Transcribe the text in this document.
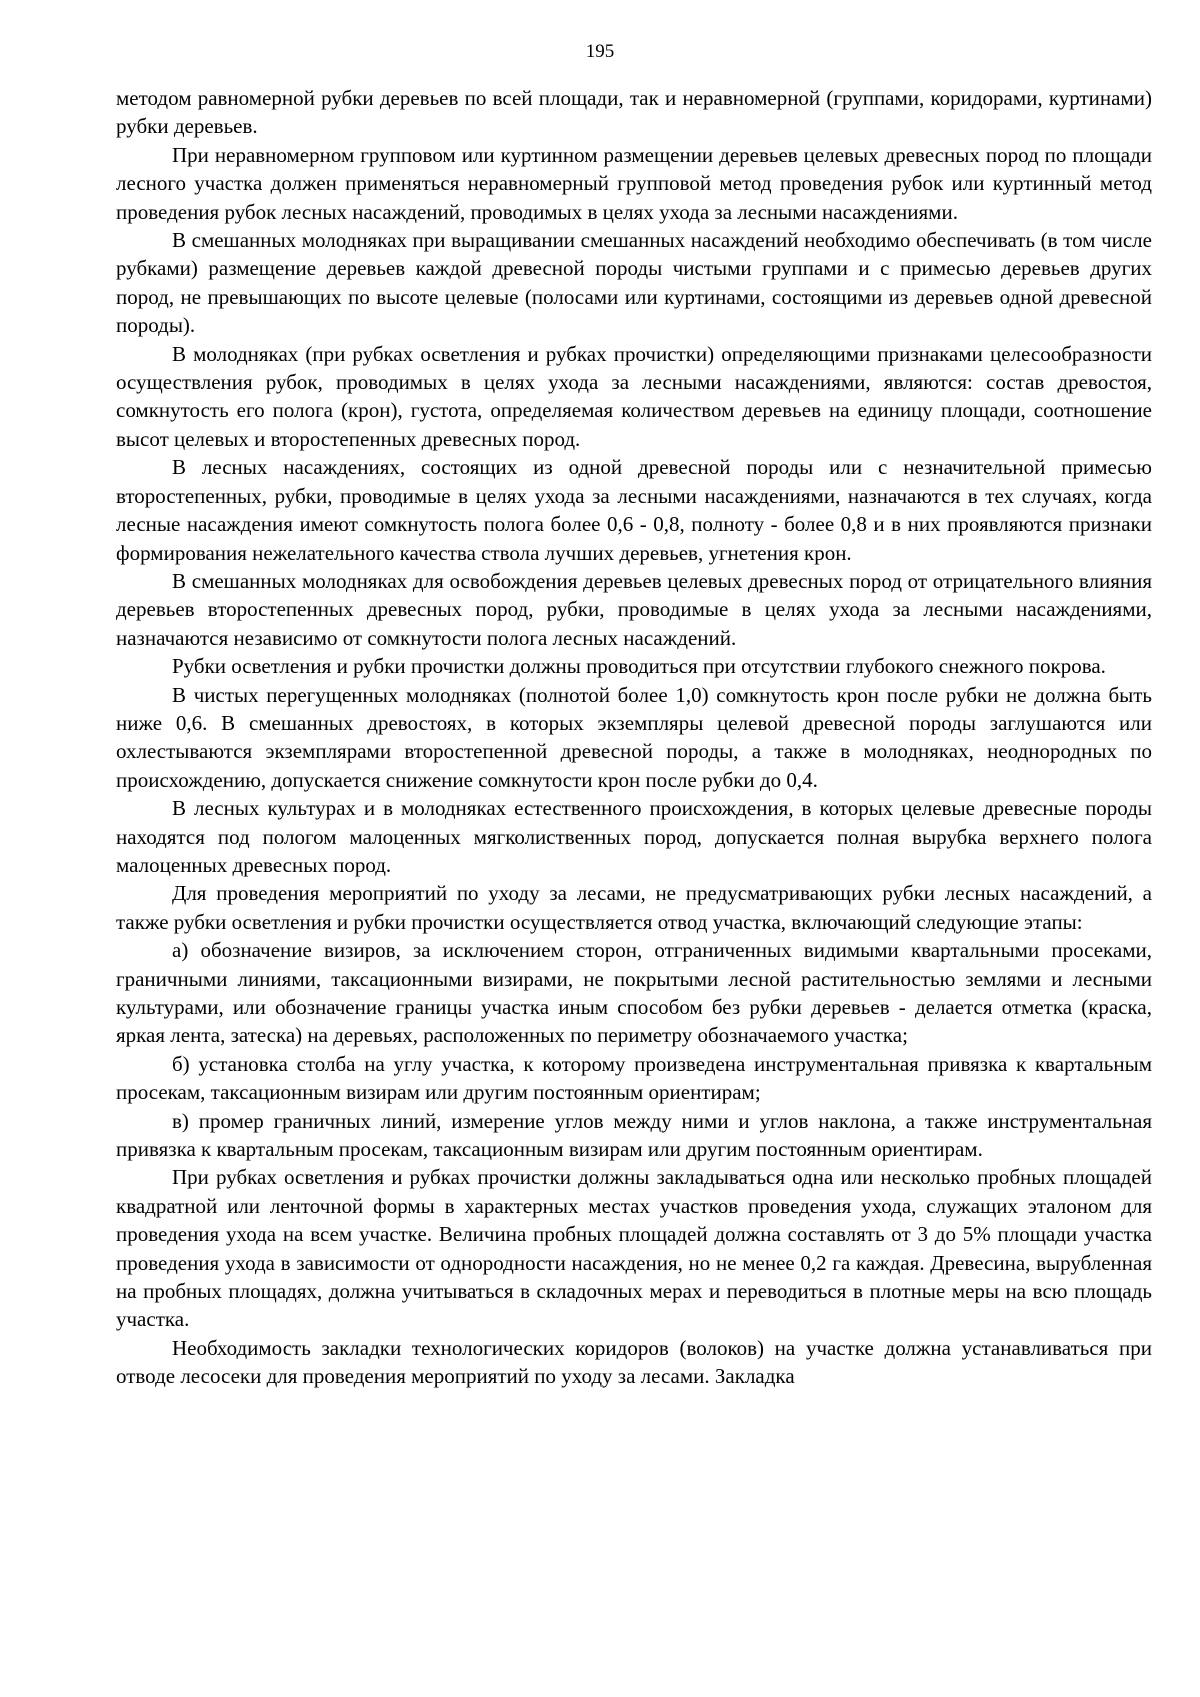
195

методом равномерной рубки деревьев по всей площади, так и неравномерной (группами, коридорами, куртинами) рубки деревьев.

При неравномерном групповом или куртинном размещении деревьев целевых древесных пород по площади лесного участка должен применяться неравномерный групповой метод проведения рубок или куртинный метод проведения рубок лесных насаждений, проводимых в целях ухода за лесными насаждениями.

В смешанных молодняках при выращивании смешанных насаждений необходимо обеспечивать (в том числе рубками) размещение деревьев каждой древесной породы чистыми группами и с примесью деревьев других пород, не превышающих по высоте целевые (полосами или куртинами, состоящими из деревьев одной древесной породы).

В молодняках (при рубках осветления и рубках прочистки) определяющими признаками целесообразности осуществления рубок, проводимых в целях ухода за лесными насаждениями, являются: состав древостоя, сомкнутость его полога (крон), густота, определяемая количеством деревьев на единицу площади, соотношение высот целевых и второстепенных древесных пород.

В лесных насаждениях, состоящих из одной древесной породы или с незначительной примесью второстепенных, рубки, проводимые в целях ухода за лесными насаждениями, назначаются в тех случаях, когда лесные насаждения имеют сомкнутость полога более 0,6 - 0,8, полноту - более 0,8 и в них проявляются признаки формирования нежелательного качества ствола лучших деревьев, угнетения крон.

В смешанных молодняках для освобождения деревьев целевых древесных пород от отрицательного влияния деревьев второстепенных древесных пород, рубки, проводимые в целях ухода за лесными насаждениями, назначаются независимо от сомкнутости полога лесных насаждений.

Рубки осветления и рубки прочистки должны проводиться при отсутствии глубокого снежного покрова.

В чистых перегущенных молодняках (полнотой более 1,0) сомкнутость крон после рубки не должна быть ниже 0,6. В смешанных древостоях, в которых экземпляры целевой древесной породы заглушаются или охлестываются экземплярами второстепенной древесной породы, а также в молодняках, неоднородных по происхождению, допускается снижение сомкнутости крон после рубки до 0,4.

В лесных культурах и в молодняках естественного происхождения, в которых целевые древесные породы находятся под пологом малоценных мягколиственных пород, допускается полная вырубка верхнего полога малоценных древесных пород.

Для проведения мероприятий по уходу за лесами, не предусматривающих рубки лесных насаждений, а также рубки осветления и рубки прочистки осуществляется отвод участка, включающий следующие этапы:

а) обозначение визиров, за исключением сторон, отграниченных видимыми квартальными просеками, граничными линиями, таксационными визирами, не покрытыми лесной растительностью землями и лесными культурами, или обозначение границы участка иным способом без рубки деревьев - делается отметка (краска, яркая лента, затеска) на деревьях, расположенных по периметру обозначаемого участка;

б) установка столба на углу участка, к которому произведена инструментальная привязка к квартальным просекам, таксационным визирам или другим постоянным ориентирам;

в) промер граничных линий, измерение углов между ними и углов наклона, а также инструментальная привязка к квартальным просекам, таксационным визирам или другим постоянным ориентирам.

При рубках осветления и рубках прочистки должны закладываться одна или несколько пробных площадей квадратной или ленточной формы в характерных местах участков проведения ухода, служащих эталоном для проведения ухода на всем участке. Величина пробных площадей должна составлять от 3 до 5% площади участка проведения ухода в зависимости от однородности насаждения, но не менее 0,2 га каждая. Древесина, вырубленная на пробных площадях, должна учитываться в складочных мерах и переводиться в плотные меры на всю площадь участка.

Необходимость закладки технологических коридоров (волоков) на участке должна устанавливаться при отводе лесосеки для проведения мероприятий по уходу за лесами. Закладка
